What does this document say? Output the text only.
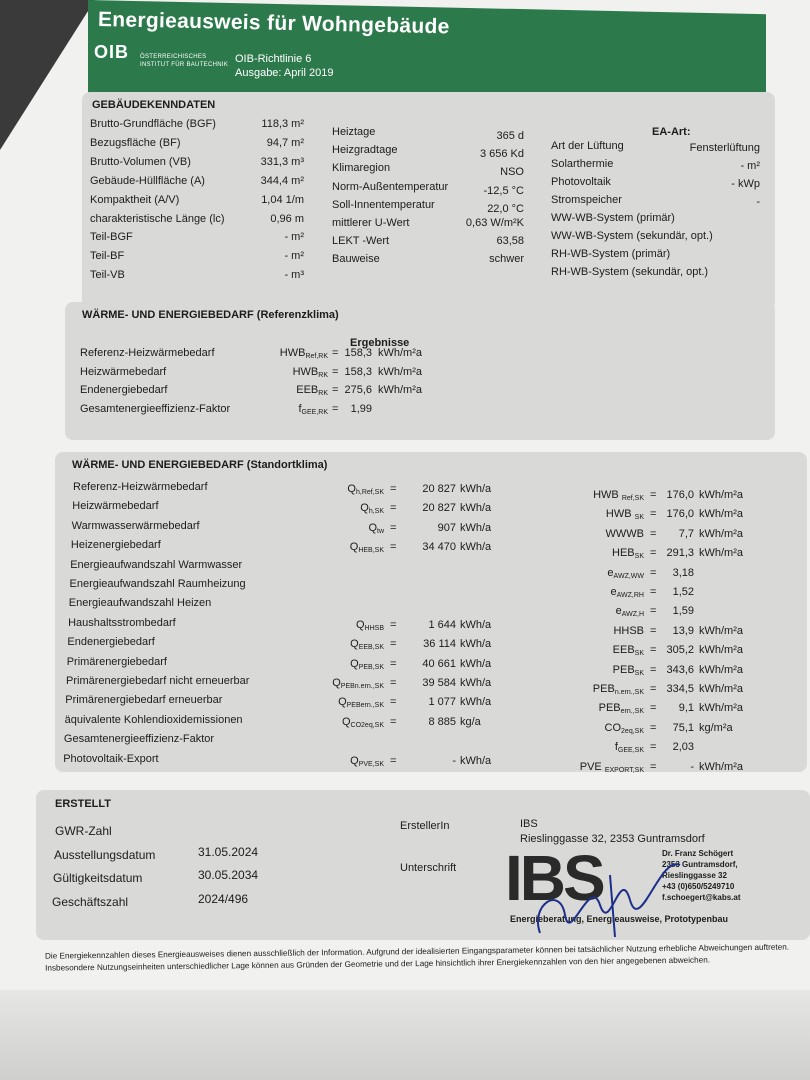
Energieausweis für Wohngebäude
OIB ÖSTERREICHISCHES
INSTITUT FÜR BAUTECHNIK OIB-Richtlinie 6
Ausgabe: April 2019
GEBÄUDEKENNDATEN
EA-Art:
Brutto-Grundfläche (BGF)	118,3 m²
Bezugsfläche (BF)	94,7 m²
Brutto-Volumen (VB)	331,3 m³
Gebäude-Hüllfläche (A)	344,4 m²
Kompaktheit (A/V)	1,04 1/m
charakteristische Länge (lc)	0,96 m
Teil-BGF	- m²
Teil-BF	- m²
Teil-VB	- m³
Heiztage	365 d
Heizgradtage	3 656 Kd
Klimaregion	NSO
Norm-Außentemperatur	-12,5 °C
Soll-Innentemperatur	22,0 °C
mittlerer U-Wert	0,63 W/m²K
LEKT -Wert	63,58
Bauweise	schwer
Art der Lüftung	Fensterlüftung
Solarthermie	- m²
Photovoltaik	- kWp
Stromspeicher	-
WW-WB-System (primär)
WW-WB-System (sekundär, opt.)
RH-WB-System (primär)
RH-WB-System (sekundär, opt.)
WÄRME- UND ENERGIEBEDARF (Referenzklima)
Ergebnisse
Referenz-Heizwärmebedarf	$HWB_{Ref,RK} = 158,3$ kWh/m²a
Heizwärmebedarf	$HWB_{RK} = 158,3$ kWh/m²a
Endenergiebedarf	$EEB_{RK} = 275,6$ kWh/m²a
Gesamtenergieeffizienz-Faktor	$f_{GEE,RK}$ =	1,99
WÄRME- UND ENERGIEBEDARF (Standortklima)
Referenz-Heizwärmebedarf	$Q_{h,Ref,SK}$ =	20 827 kWh/a	HWB $_{Ref,SK}$ = 176,0 kWh/m²a
Heizwärmebedarf	$Q_{h,SK}$ =	20 827 kWh/a	HWB $_{SK}$ = 176,0 kWh/m²a
Warmwasserwärmebedarf	$Q_{tw}$ =	907 kWh/a	WWWB =	7,7 kWh/m²a
Heizenergiebedarf	$Q_{HEB,SK}$ =	34 470 kWh/a	$HEB_{SK} = 291,3$ kWh/m²a
Energieaufwandszahl Warmwasser
$e_{AWZ,WW}$ =	3,18
Energieaufwandszahl Raumheizung
$e_{AWZ,RH}$ =	1,52
Energieaufwandszahl Heizen
$e_{AWZ,H}$ =	1,59
Haushaltsstrombedarf	$Q_{HHSB}$ =	1 644 kWh/a	HHSB =	13,9 kWh/m²a
Endenergiebedarf	$Q_{EEB,SK}$ =	36 114 kWh/a	$EEB_{SK} = 305,2$ kWh/m²a
Primärenergiebedarf	$Q_{PEB,SK}$ =	40 661 kWh/a	$PEB_{SK} = 343,6$ kWh/m²a
Primärenergiebedarf nicht erneuerbar	$Q_{PEBn.ern.,SK}$ =	39 584 kWh/a	$PEB_{n.ern.,SK} = 334,5$ kWh/m²a
Primärenergiebedarf erneuerbar	$Q_{PEBern.,SK}$ =	1 077 kWh/a	$PEB_{ern.,SK}$ =	9,1 kWh/m²a
äquivalente Kohlendioxidemissionen	$Q_{CO2eq,SK}$ =	8 885 kg/a	$CO_{2eq,SK}$ =	75,1 kg/m²a
Gesamtenergieeffizienz-Faktor
$f_{GEE,SK}$ =	2,03
Photovoltaik-Export	$Q_{PVE,SK}$ =	- kWh/a	PVE $_{EXPORT,SK}$ =	- kWh/m²a
ERSTELLT
GWR-Zahl
Ausstellungsdatum	31.05.2024
Gültigkeitsdatum	30.05.2034
Geschäftszahl	2024/496
ErstellerIn	IBS
Rieslinggasse 32, 2353 Guntramsdorf
Unterschrift IBS	Dr. Franz Schögert
2353 Guntramsdorf,
Rieslinggasse 32
+43 (0)650/5249710
f.schoegert@kabs.at
Energieberatung, Energieausweise, Prototypenbau
Die Energiekennzahlen dieses Energieausweises dienen ausschließlich der Information. Aufgrund der idealisierten Eingangsparameter können bei tatsächlicher Nutzung erhebliche Abweichungen auftreten. Insbesondere Nutzungseinheiten unterschiedlicher Lage können aus Gründen der Geometrie und der Lage hinsichtlich ihrer Energiekennzahlen von den hier angegebenen abweichen.
